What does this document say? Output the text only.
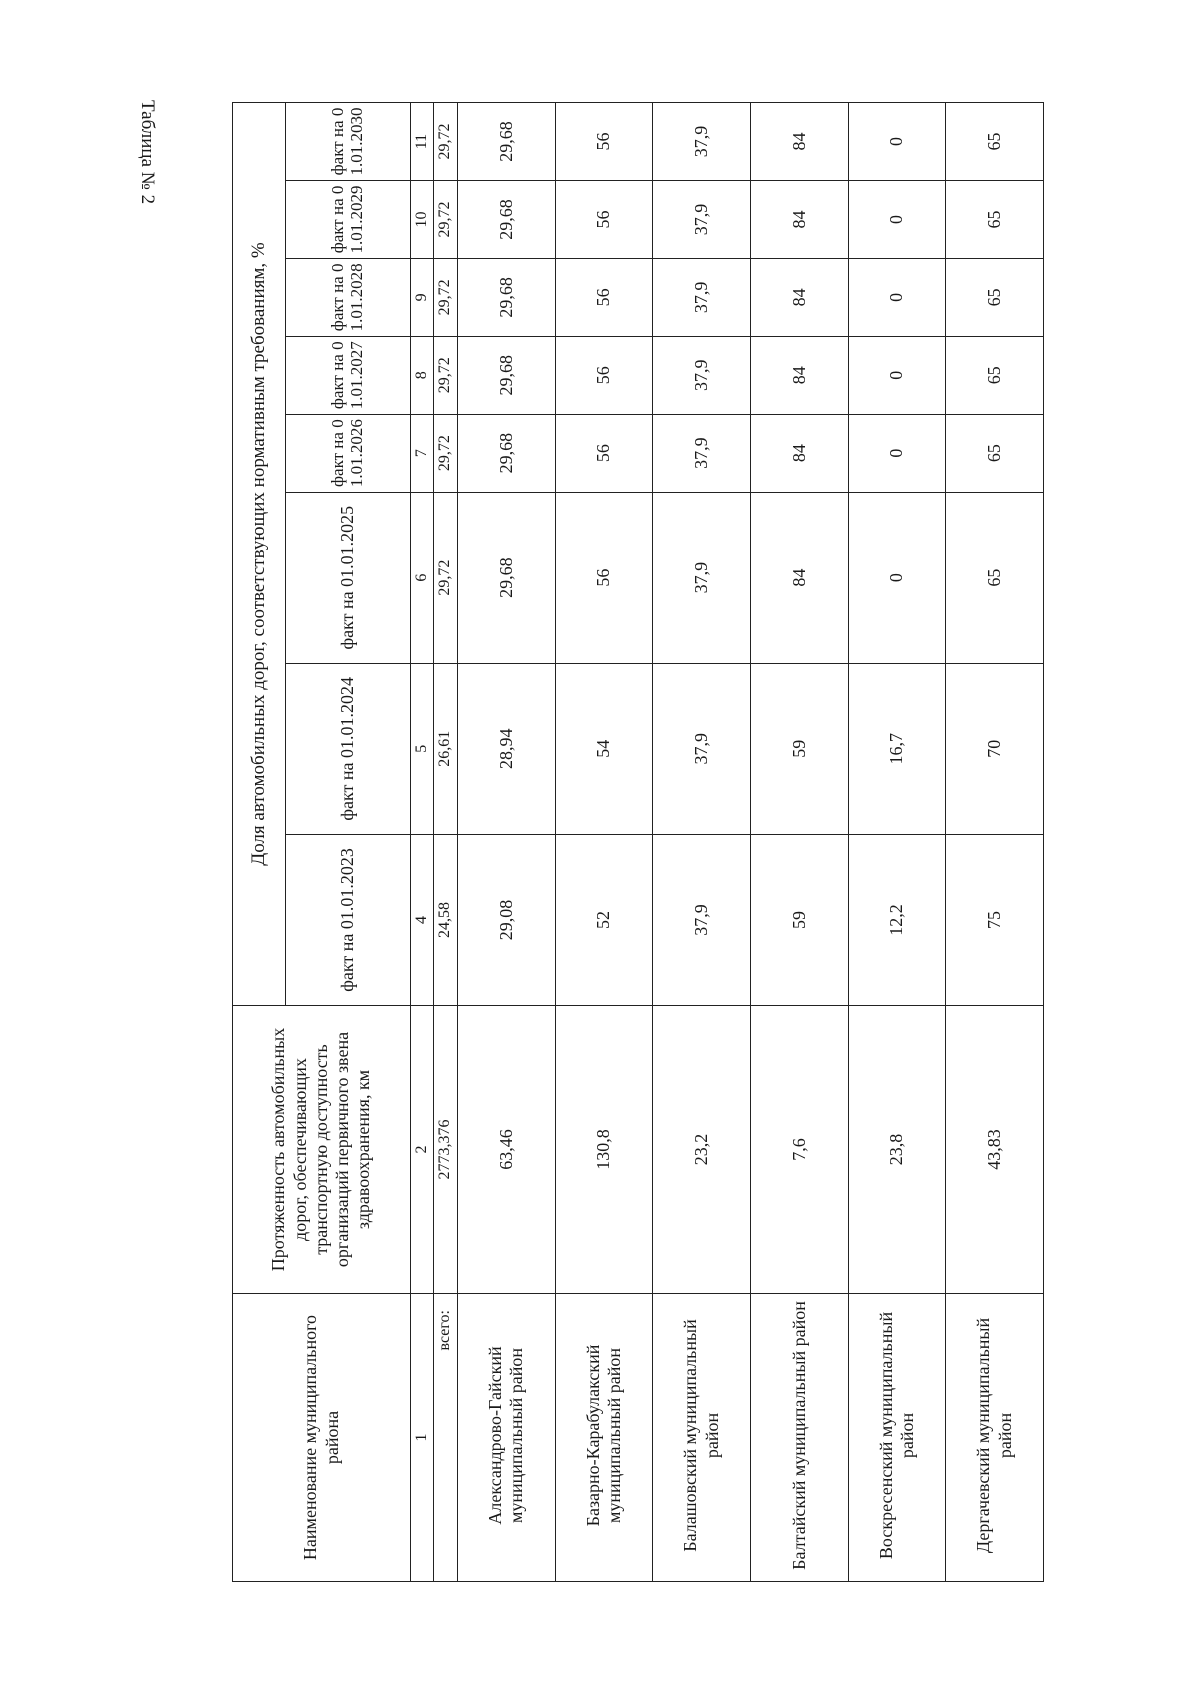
Таблица № 2
Наименование муниципального района	Протяженность автомобильных дорог, обеспечивающих транспортную доступность организаций первичного звена здравоохранения, км	Доля автомобильных дорог, соответствующих нормативным требованиям, %							
		факт на 01.01.2023	факт на 01.01.2024	факт на 01.01.2025	факт на 01.01.2026	факт на 01.01.2027	факт на 01.01.2028	факт на 01.01.2029	факт на 01.01.2030
1	2	4	5	6	7	8	9	10	11
всего:	2773,376	24,58	26,61	29,72	29,72	29,72	29,72	29,72	29,72
Александрово-Гайский муниципальный район	63,46	29,08	28,94	29,68	29,68	29,68	29,68	29,68	29,68
Базарно-Карабулакский муниципальный район	130,8	52	54	56	56	56	56	56	56
Балашовский муниципальный район	23,2	37,9	37,9	37,9	37,9	37,9	37,9	37,9	37,9
Балтайский муниципальный район	7,6	59	59	84	84	84	84	84	84
Воскресенский муниципальный район	23,8	12,2	16,7	0	0	0	0	0	0
Дергачевский муниципальный район	43,83	75	70	65	65	65	65	65	65
